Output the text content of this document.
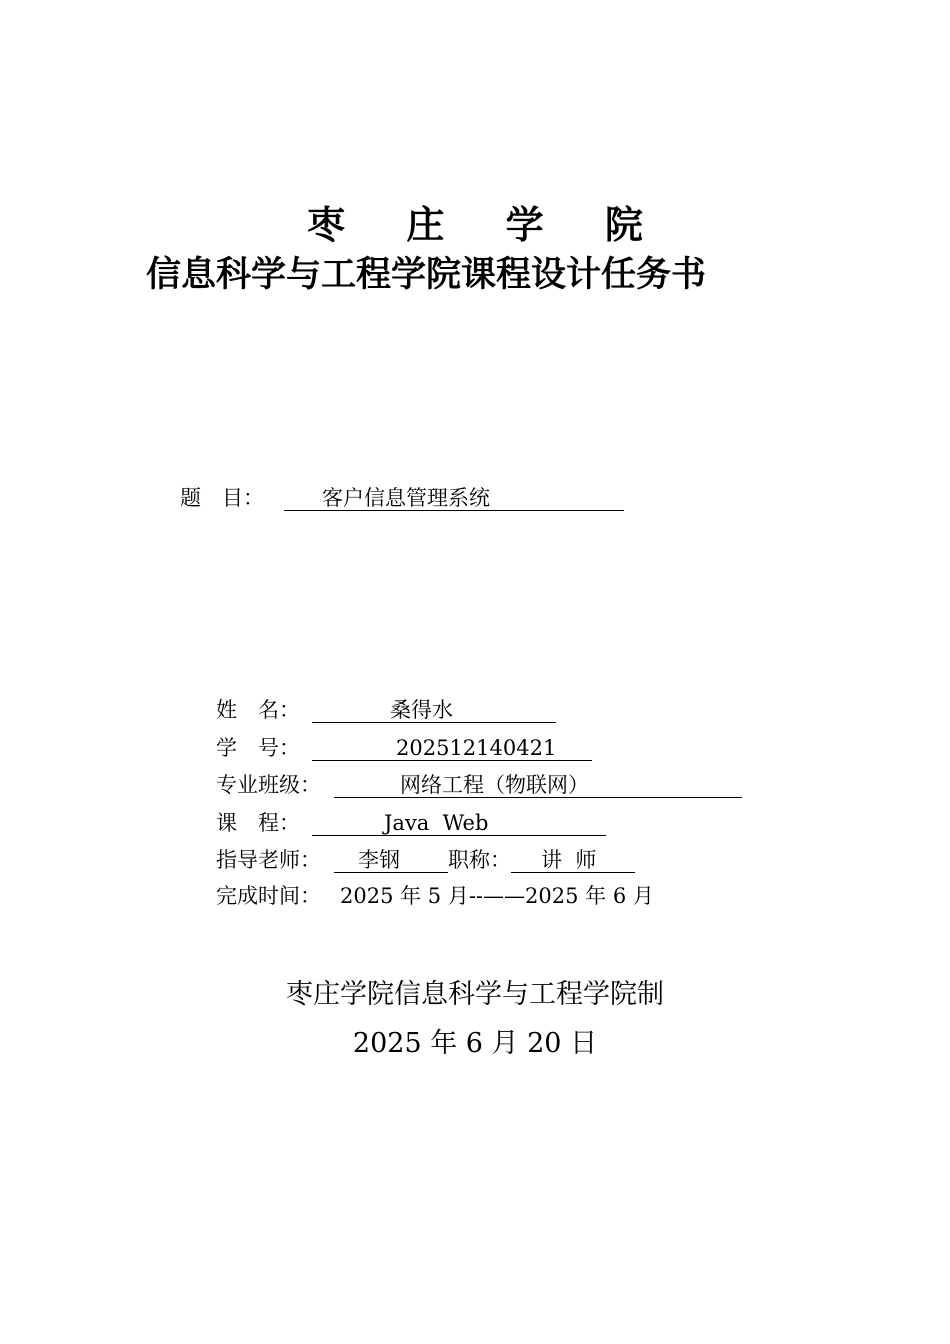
枣 庄 学 院
信息科学与工程学院课程设计任务书
题　目：	客户信息管理系统
姓　名：	桑得水
学　号：	202512140421
专业班级：	网络工程（物联网）
课　程：	Java  Web
指导老师： 李钢 职称： 讲  师
完成时间： 2025 年 5 月--——2025 年 6 月
枣庄学院信息科学与工程学院制
2025 年 6 月 20 日
